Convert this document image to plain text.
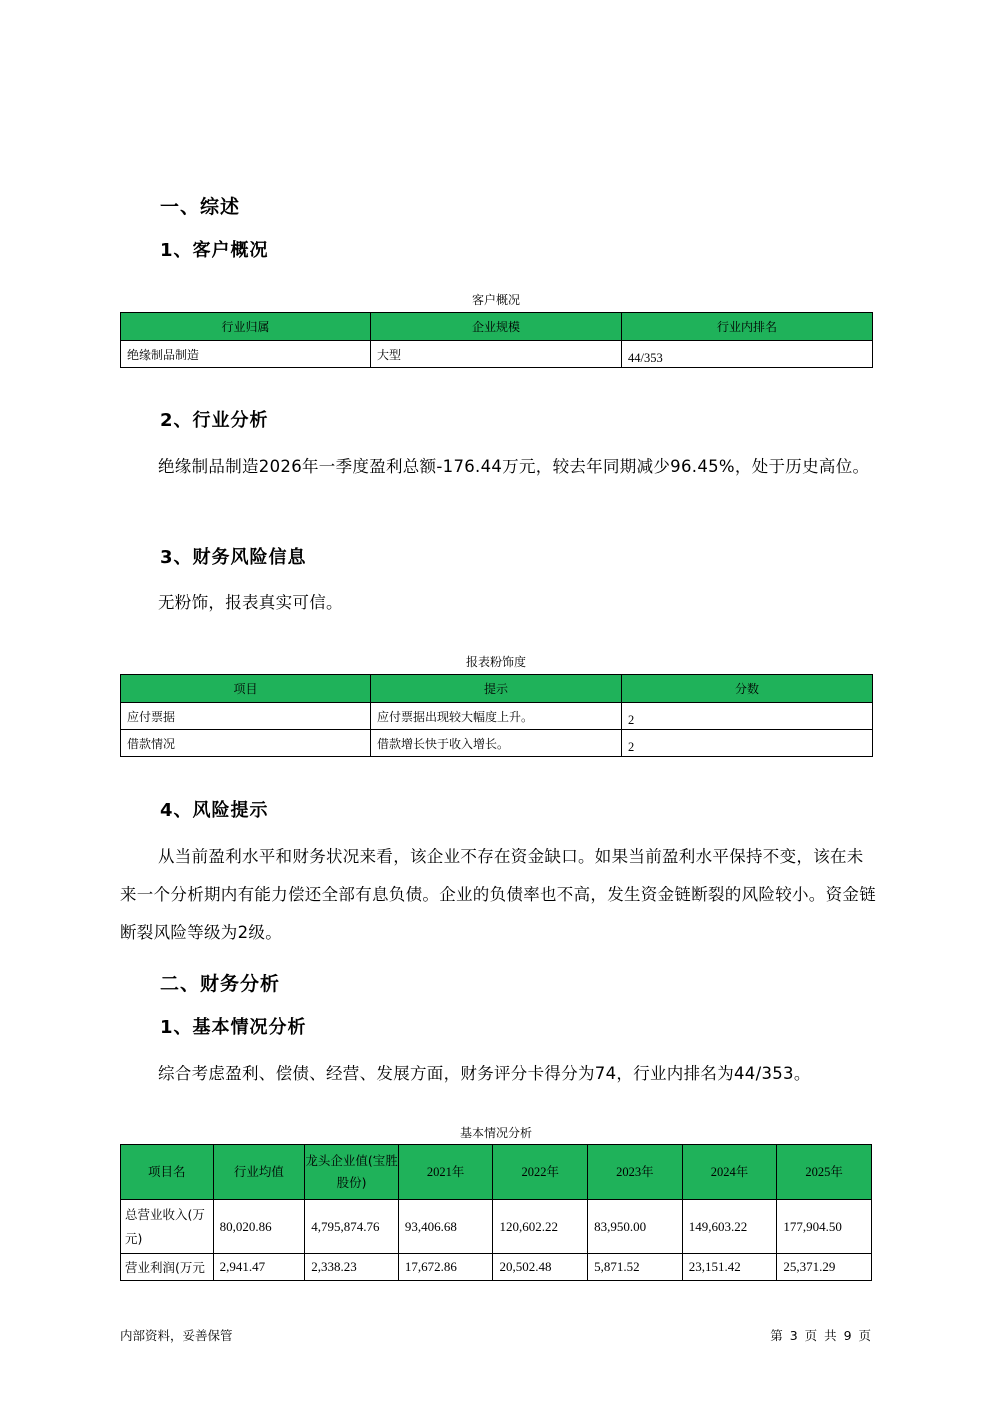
一、综述
1、客户概况
客户概况
行业归属	企业规模	行业内排名
绝缘制品制造	大型	44/353
2、行业分析

绝缘制品制造2026年一季度盈利总额-176.44万元，较去年同期减少96.45%，处于历史高位。

3、财务风险信息

无粉饰，报表真实可信。

报表粉饰度
项目	提示	分数
应付票据	应付票据出现较大幅度上升。	2
借款情况	借款增长快于收入增长。	2
4、风险提示

从当前盈利水平和财务状况来看，该企业不存在资金缺口。如果当前盈利水平保持不变，该在未来一个分析期内有能力偿还全部有息负债。企业的负债率也不高，发生资金链断裂的风险较小。资金链断裂风险等级为2级。

二、财务分析
1、基本情况分析

综合考虑盈利、偿债、经营、发展方面，财务评分卡得分为74，行业内排名为44/353。

基本情况分析
项目名	行业均值	龙头企业值(宝胜股份)	2021年	2022年	2023年	2024年	2025年
总营业收入(万元)	80,020.86	4,795,874.76	93,406.68	120,602.22	83,950.00	149,603.22	177,904.50
营业利润(万元	2,941.47	2,338.23	17,672.86	20,502.48	5,871.52	23,151.42	25,371.29
内部资料，妥善保管	第 3 页 共 9 页
